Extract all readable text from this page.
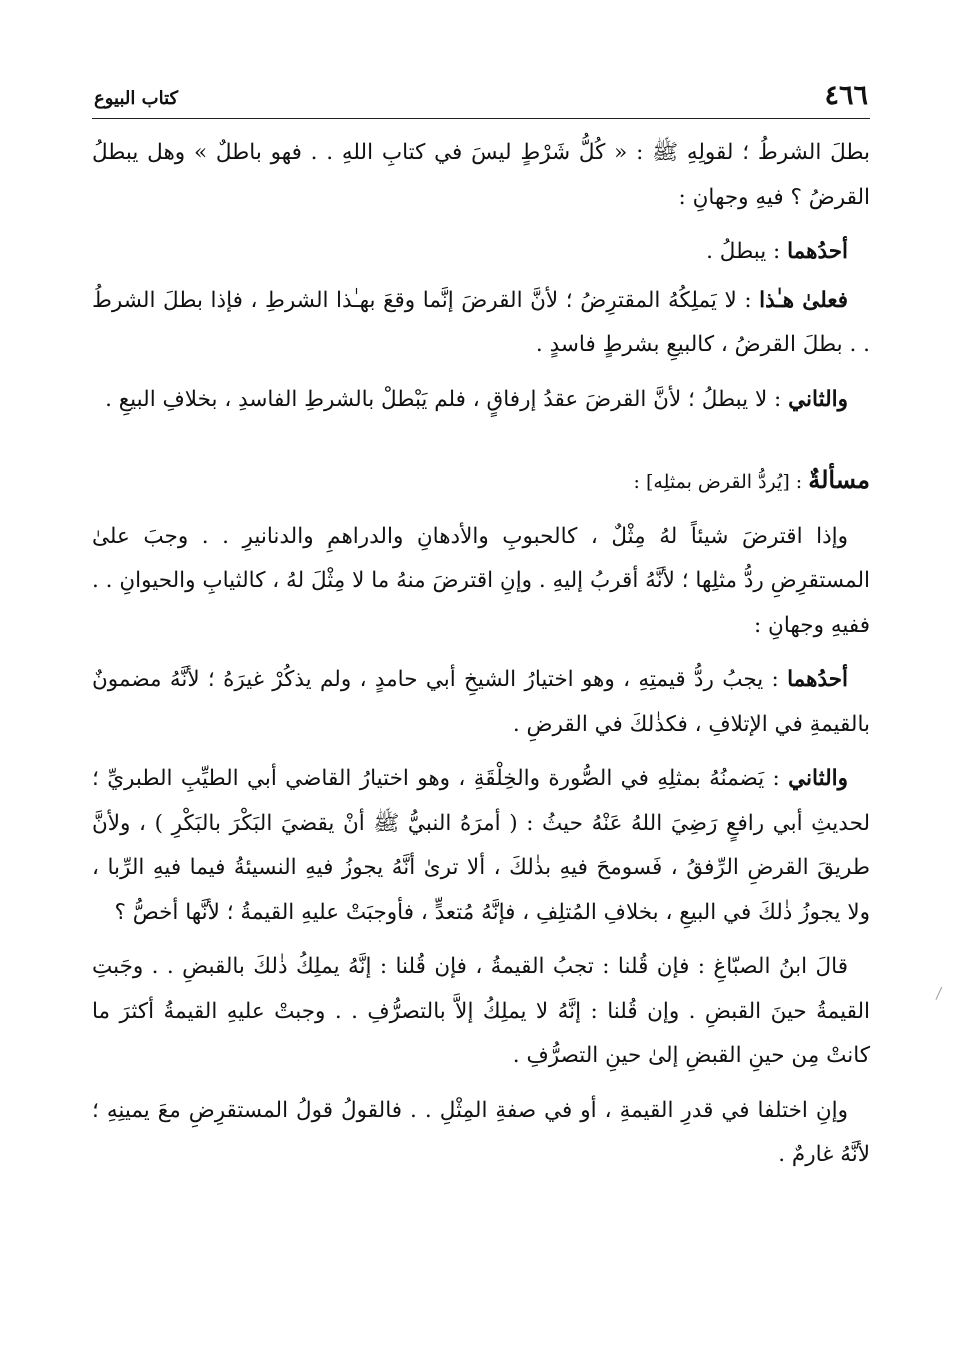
٤٦٦
كتاب البيوع

بطلَ الشرطُ ؛ لقولِهِ ﷺ : « كُلُّ شَرْطٍ ليسَ في كتابِ اللهِ . . فهو باطلٌ » وهل يبطلُ القرضُ ؟ فيهِ وجهانِ :

أحدُهما : يبطلُ .

فعلىٰ هـٰذا : لا يَملِكُهُ المقترِضُ ؛ لأنَّ القرضَ إنَّما وقعَ بهـٰذا الشرطِ ، فإذا بطلَ الشرطُ . . بطلَ القرضُ ، كالبيعِ بشرطٍ فاسدٍ .

والثاني : لا يبطلُ ؛ لأنَّ القرضَ عقدُ إرفاقٍ ، فلم يَبْطلْ بالشرطِ الفاسدِ ، بخلافِ البيعِ .

مسألةٌ : [يُردُّ القرض بمثلِه] :

وإذا اقترضَ شيئاً لهُ مِثْلٌ ، كالحبوبِ والأدهانِ والدراهمِ والدنانيرِ . . وجبَ علىٰ المستقرِضِ ردُّ مثلِها ؛ لأنَّهُ أقربُ إليهِ . وإنِ اقترضَ منهُ ما لا مِثْلَ لهُ ، كالثيابِ والحيوانِ . . ففيهِ وجهانِ :

أحدُهما : يجبُ ردُّ قيمتِهِ ، وهو اختيارُ الشيخِ أبي حامدٍ ، ولم يذكُرْ غيرَهُ ؛ لأنَّهُ مضمونٌ بالقيمةِ في الإتلافِ ، فكذٰلكَ في القرضِ .

والثاني : يَضمنُهُ بمثلِهِ في الصُّورة والخِلْقَةِ ، وهو اختيارُ القاضي أبي الطيِّبِ الطبريِّ ؛ لحديثِ أبي رافعٍ رَضِيَ اللهُ عَنْهُ حيثُ : ( أمرَهُ النبيُّ ﷺ أنْ يقضيَ البَكْرَ بالبَكْرِ ) ، ولأنَّ طريقَ القرضِ الرِّفقُ ، فَسومحَ فيهِ بذٰلكَ ، ألا ترىٰ أنَّهُ يجوزُ فيهِ النسيئةُ فيما فيهِ الرِّبا ، ولا يجوزُ ذٰلكَ في البيعِ ، بخلافِ المُتلِفِ ، فإنَّهُ مُتعدٍّ ، فأوجبَتْ عليهِ القيمةُ ؛ لأنَّها أخصُّ ؟

قالَ ابنُ الصبّاغِ : فإن قُلنا : تجبُ القيمةُ ، فإن قُلنا : إنَّهُ يملِكُ ذٰلكَ بالقبضِ . . وجَبتِ القيمةُ حينَ القبضِ . وإن قُلنا : إنَّهُ لا يملِكُ إلاَّ بالتصرُّفِ . . وجبتْ عليهِ القيمةُ أكثرَ ما كانتْ مِن حينِ القبضِ إلىٰ حينِ التصرُّفِ .

وإنِ اختلفا في قدرِ القيمةِ ، أو في صفةِ المِثْلِ . . فالقولُ قولُ المستقرِضِ معَ يمينِهِ ؛ لأنَّهُ غارمٌ .
